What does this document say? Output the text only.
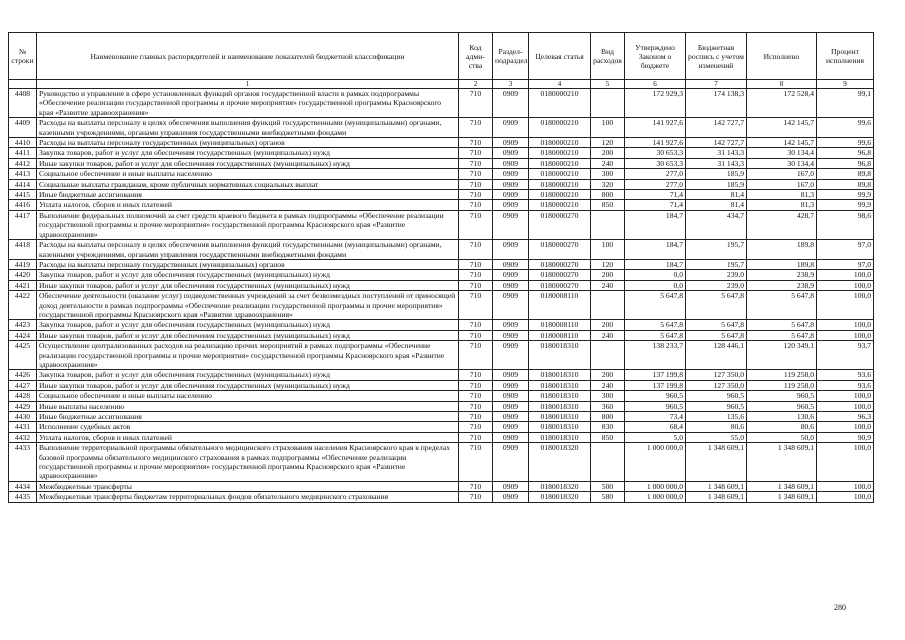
№ строки	Наименование главных распорядителей и наименование показателей бюджетной классификации	Код адми-ства	Раздел-подраздел	Целевая статья	Вид расходов	Утверждено Законом о бюджете	Бюджетная роспись с учетом изменений	Исполнено	Процент исполнения
	1	2	3	4	5	6	7	8	9
4408	Руководство и управление в сфере установленных функций органов государственной власти в рамках подпрограммы «Обеспечение реализации государственной программы и прочие мероприятия» государственной программы Красноярского края «Развитие здравоохранения»	710	0909	0180000210		172 929,3	174 138,3	172 528,4	99,1
4409	Расходы на выплаты персоналу в целях обеспечения выполнения функций государственными (муниципальными) органами, казенными учреждениями, органами управления государственными внебюджетными фондами	710	0909	0180000210	100	141 927,6	142 727,7	142 145,7	99,6
4410	Расходы на выплаты персоналу государственных (муниципальных) органов	710	0909	0180000210	120	141 927,6	142 727,7	142 145,7	99,6
4411	Закупка товаров, работ и услуг для обеспечения государственных (муниципальных) нужд	710	0909	0180000210	200	30 653,3	31 143,3	30 134,4	96,8
4412	Иные закупки товаров, работ и услуг для обеспечения государственных (муниципальных) нужд	710	0909	0180000210	240	30 653,3	31 143,3	30 134,4	96,8
4413	Социальное обеспечение и иные выплаты населению	710	0909	0180000210	300	277,0	185,9	167,0	89,8
4414	Социальные выплаты гражданам, кроме публичных нормативных социальных выплат	710	0909	0180000210	320	277,0	185,9	167,0	89,8
4415	Иные бюджетные ассигнования	710	0909	0180000210	800	71,4	81,4	81,3	99,9
4416	Уплата налогов, сборов и иных платежей	710	0909	0180000210	850	71,4	81,4	81,3	99,9
4417	Выполнение федеральных полномочий за счет средств краевого бюджета в рамках подпрограммы «Обеспечение реализации государственной программы и прочие мероприятия» государственной программы Красноярского края «Развитие здравоохранения»	710	0909	0180000270		184,7	434,7	428,7	98,6
4418	Расходы на выплаты персоналу в целях обеспечения выполнения функций государственными (муниципальными) органами, казенными учреждениями, органами управления государственными внебюджетными фондами	710	0909	0180000270	100	184,7	195,7	189,8	97,0
4419	Расходы на выплаты персоналу государственных (муниципальных) органов	710	0909	0180000270	120	184,7	195,7	189,8	97,0
4420	Закупка товаров, работ и услуг для обеспечения государственных (муниципальных) нужд	710	0909	0180000270	200	0,0	239,0	238,9	100,0
4421	Иные закупки товаров, работ и услуг для обеспечения государственных (муниципальных) нужд	710	0909	0180000270	240	0,0	239,0	238,9	100,0
4422	Обеспечение деятельности (оказание услуг) подведомственных учреждений за счет безвозмездных поступлений от приносящей доход деятельности в рамках подпрограммы «Обеспечение реализации государственной программы и прочие мероприятия» государственной программы Красноярского края «Развитие здравоохранения»	710	0909	0180008110		5 647,8	5 647,8	5 647,8	100,0
4423	Закупка товаров, работ и услуг для обеспечения государственных (муниципальных) нужд	710	0909	0180008110	200	5 647,8	5 647,8	5 647,8	100,0
4424	Иные закупки товаров, работ и услуг для обеспечения государственных (муниципальных) нужд	710	0909	0180008110	240	5 647,8	5 647,8	5 647,8	100,0
4425	Осуществление централизованных расходов на реализацию прочих мероприятий в рамках подпрограммы «Обеспечение реализации государственной программы и прочие мероприятия» государственной программы Красноярского края «Развитие здравоохранения»	710	0909	0180018310		138 233,7	128 446,1	120 349,1	93,7
4426	Закупка товаров, работ и услуг для обеспечения государственных (муниципальных) нужд	710	0909	0180018310	200	137 199,8	127 350,0	119 258,0	93,6
4427	Иные закупки товаров, работ и услуг для обеспечения государственных (муниципальных) нужд	710	0909	0180018310	240	137 199,8	127 350,0	119 258,0	93,6
4428	Социальное обеспечение и иные выплаты населению	710	0909	0180018310	300	960,5	960,5	960,5	100,0
4429	Иные выплаты населению	710	0909	0180018310	360	960,5	960,5	960,5	100,0
4430	Иные бюджетные ассигнования	710	0909	0180018310	800	73,4	135,6	130,6	96,3
4431	Исполнение судебных актов	710	0909	0180018310	830	68,4	80,6	80,6	100,0
4432	Уплата налогов, сборов и иных платежей	710	0909	0180018310	850	5,0	55,0	50,0	90,9
4433	Выполнение территориальной программы обязательного медицинского страхования населения Красноярского края в пределах базовой программы обязательного медицинского страхования в рамках подпрограммы «Обеспечение реализации государственной программы и прочие мероприятия» государственной программы Красноярского края «Развитие здравоохранения»	710	0909	0180018320		1 000 000,0	1 348 609,1	1 348 609,1	100,0
4434	Межбюджетные трансферты	710	0909	0180018320	500	1 000 000,0	1 348 609,1	1 348 609,1	100,0
4435	Межбюджетные трансферты бюджетам территориальных фондов обязательного медицинского страхования	710	0909	0180018320	580	1 000 000,0	1 348 609,1	1 348 609,1	100,0
280
